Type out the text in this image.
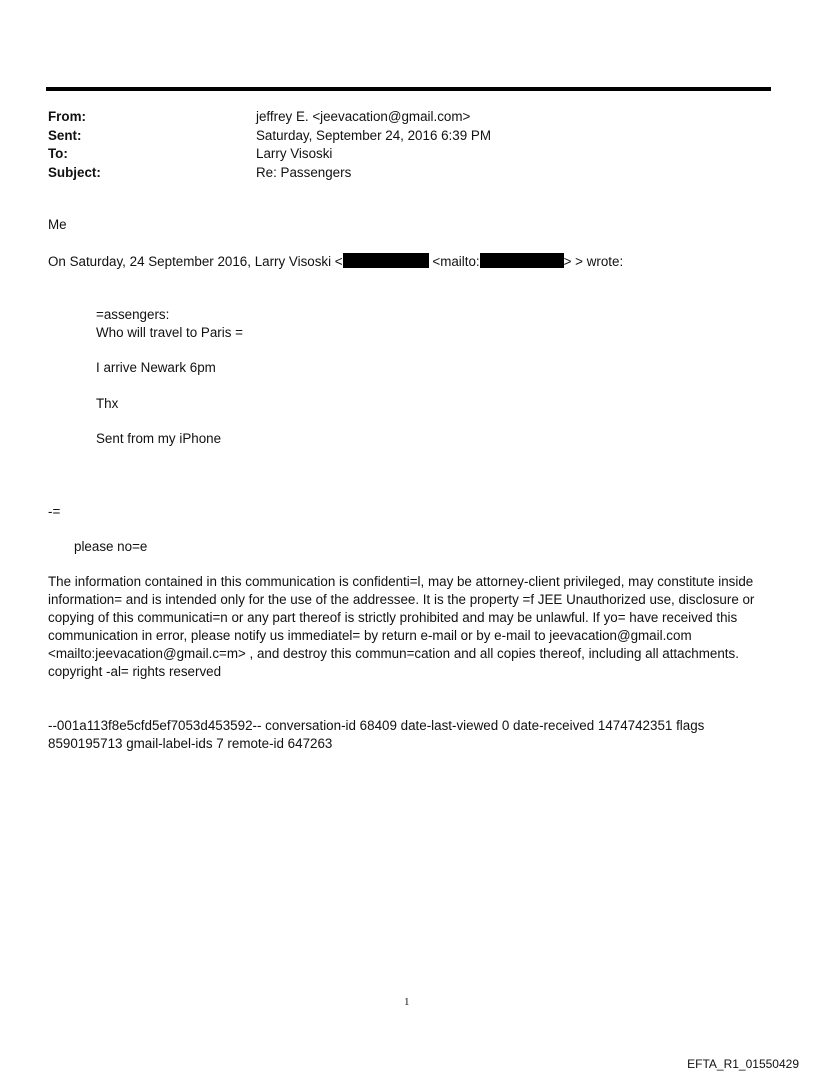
From:	jeffrey E. <jeevacation@gmail.com>
Sent:	Saturday, September 24, 2016 6:39 PM
To:	Larry Visoski
Subject:	Re: Passengers
Me
On Saturday, 24 September 2016, Larry Visoski <	<mailto:	> > wrote:
=assengers:
Who will travel to Paris =
I arrive Newark 6pm
Thx
Sent from my iPhone
-=
please no=e
The information contained in this communication is confidenti=l, may be attorney-client privileged, may constitute inside information= and is intended only for the use of the addressee. It is the property =f JEE Unauthorized use, disclosure or copying of this communicati=n or any part thereof is strictly prohibited and may be unlawful. If yo= have received this communication in error, please notify us immediatel= by return e-mail or by e-mail to jeevacation@gmail.com <mailto:jeevacation@gmail.c=m> , and destroy this commun=cation and all copies thereof, including all attachments. copyright -al= rights reserved
--001a113f8e5cfd5ef7053d453592-- conversation-id 68409 date-last-viewed 0 date-received 1474742351 flags
8590195713 gmail-label-ids 7 remote-id 647263
1
EFTA_R1_01550429
